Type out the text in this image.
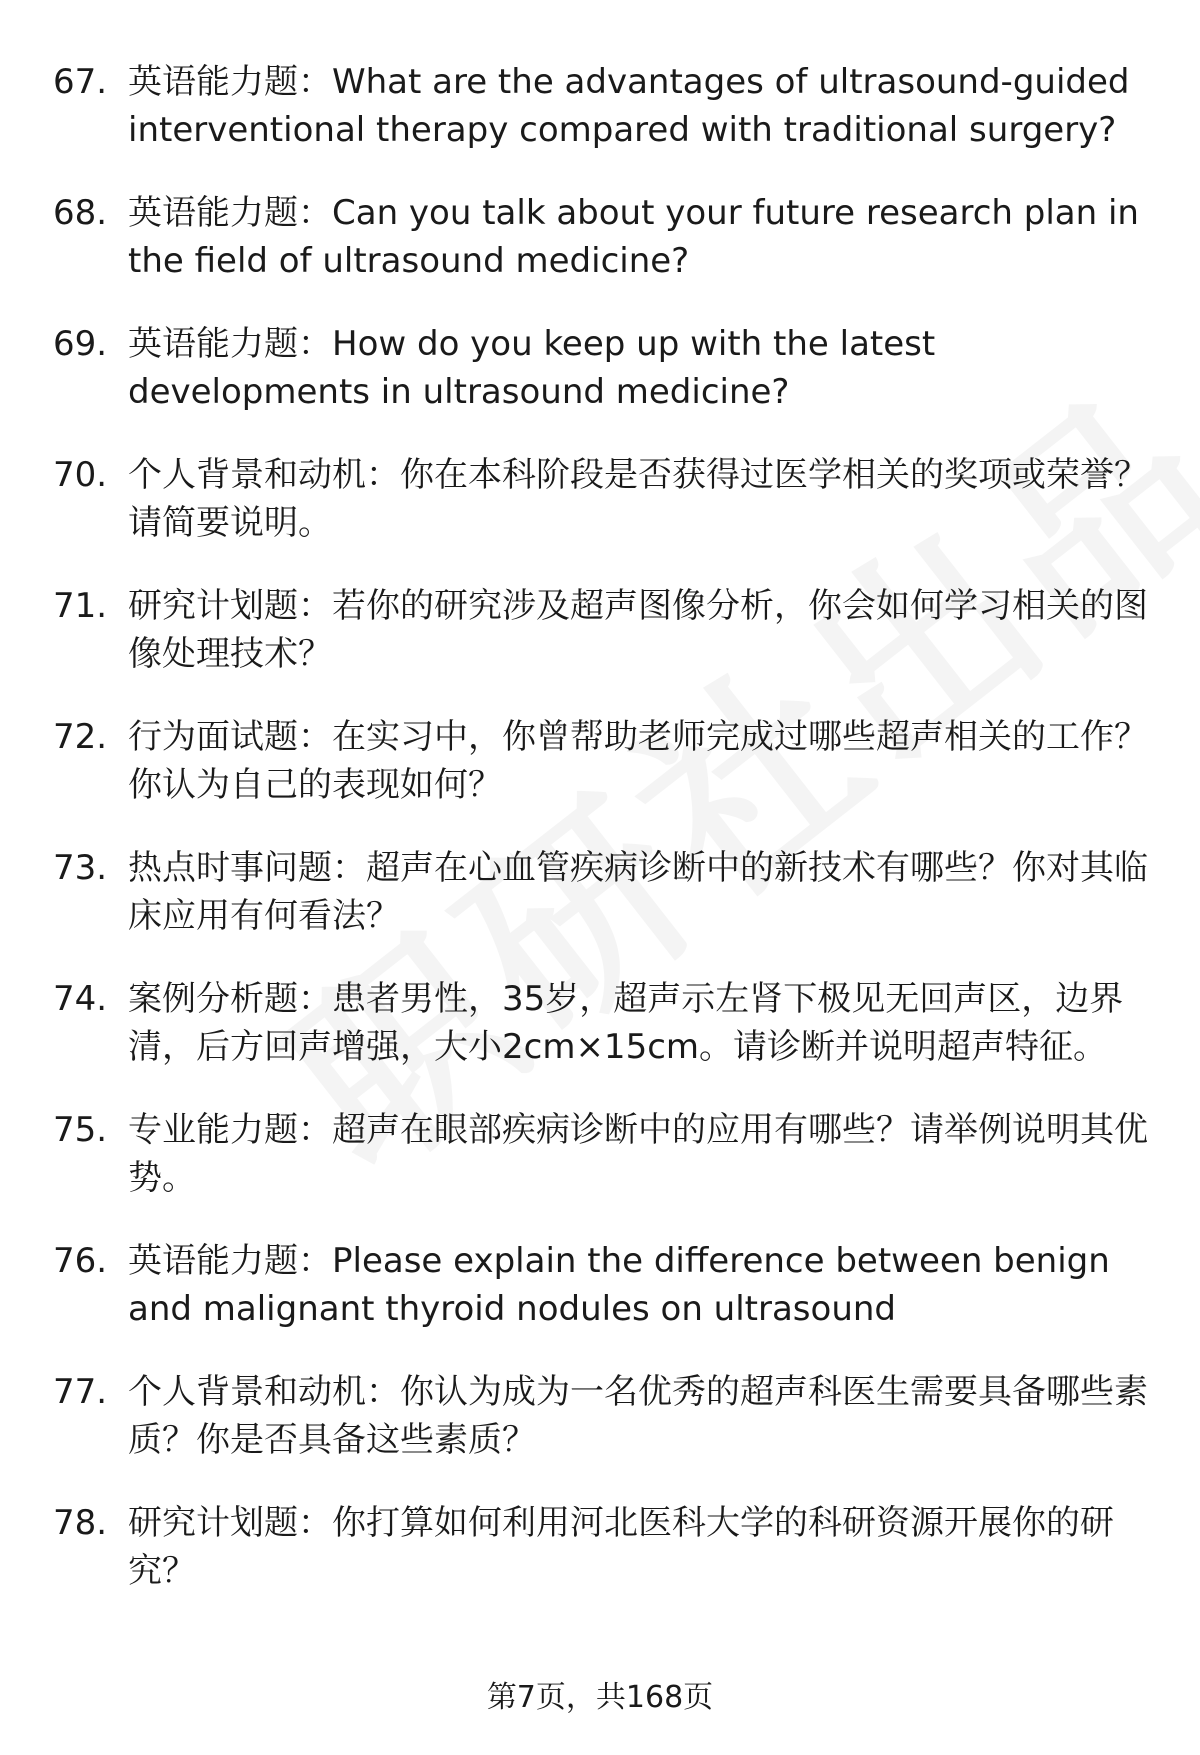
67. 英语能力题：What are the advantages of ultrasound-guided interventional therapy compared with traditional surgery?
68. 英语能力题：Can you talk about your future research plan in the field of ultrasound medicine?
69. 英语能力题：How do you keep up with the latest developments in ultrasound medicine?
70. 个人背景和动机：你在本科阶段是否获得过医学相关的奖项或荣誉？请简要说明。
71. 研究计划题：若你的研究涉及超声图像分析，你会如何学习相关的图像处理技术？
72. 行为面试题：在实习中，你曾帮助老师完成过哪些超声相关的工作？你认为自己的表现如何？
73. 热点时事问题：超声在心血管疾病诊断中的新技术有哪些？你对其临床应用有何看法？
74. 案例分析题：患者男性，35岁，超声示左肾下极见无回声区，边界清，后方回声增强，大小2cm×15cm。请诊断并说明超声特征。
75. 专业能力题：超声在眼部疾病诊断中的应用有哪些？请举例说明其优势。
76. 英语能力题：Please explain the difference between benign and malignant thyroid nodules on ultrasound
77. 个人背景和动机：你认为成为一名优秀的超声科医生需要具备哪些素质？你是否具备这些素质？
78. 研究计划题：你打算如何利用河北医科大学的科研资源开展你的研究？
第7页，共168页
